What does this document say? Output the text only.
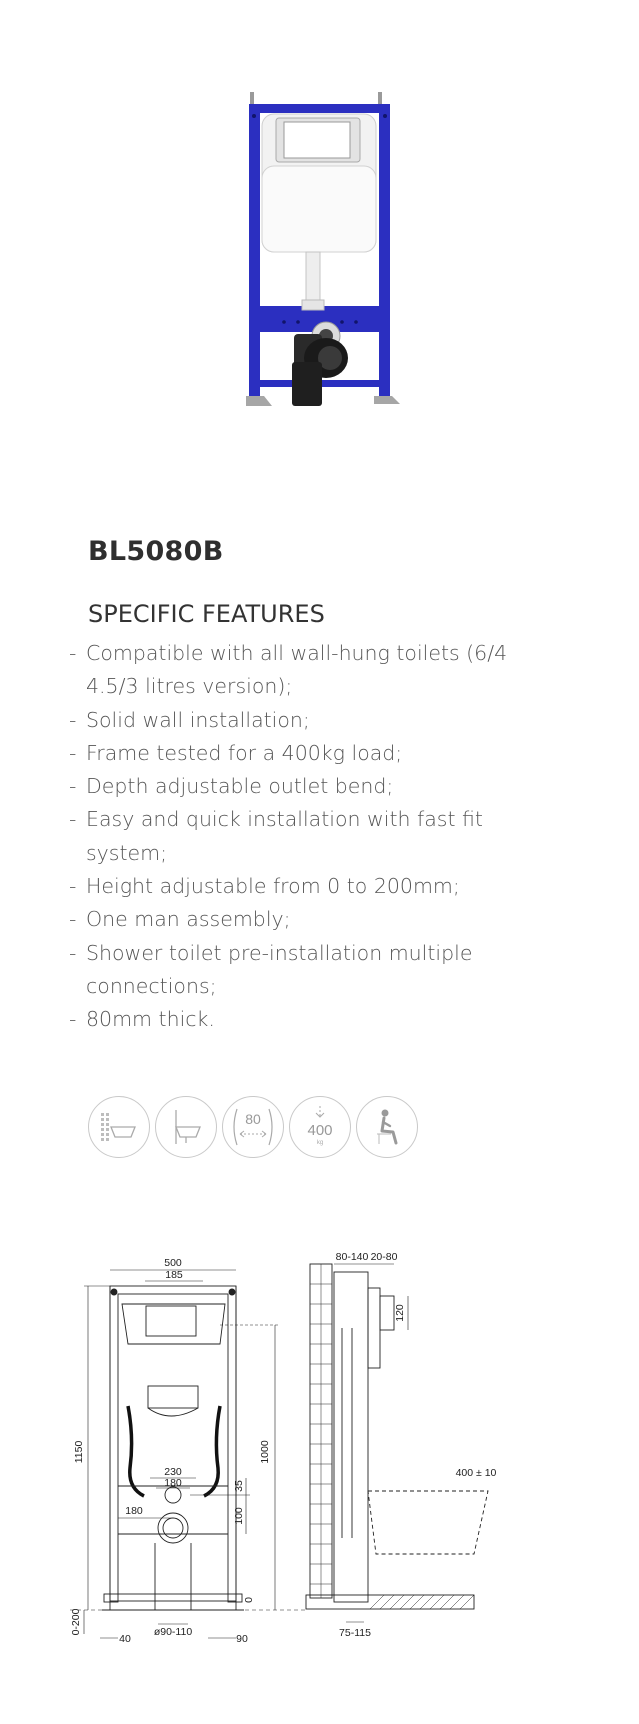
BL5080B
SPECIFIC FEATURES
- Compatible with all wall-hung toilets (6/4 4.5/3 litres version);
- Solid wall installation;
- Frame tested for a 400kg load;
- Depth adjustable outlet bend;
- Easy and quick installation with fast fit system;
- Height adjustable from 0 to 200mm;
- One man assembly;
- Shower toilet pre-installation multiple connections;
- 80mm thick.
80
400
kg
500
185
1150	1000
230
180
180
35
100
0
0-200
40
ø90-110
90
80-140 20-80
120
400 ± 10
75-115
